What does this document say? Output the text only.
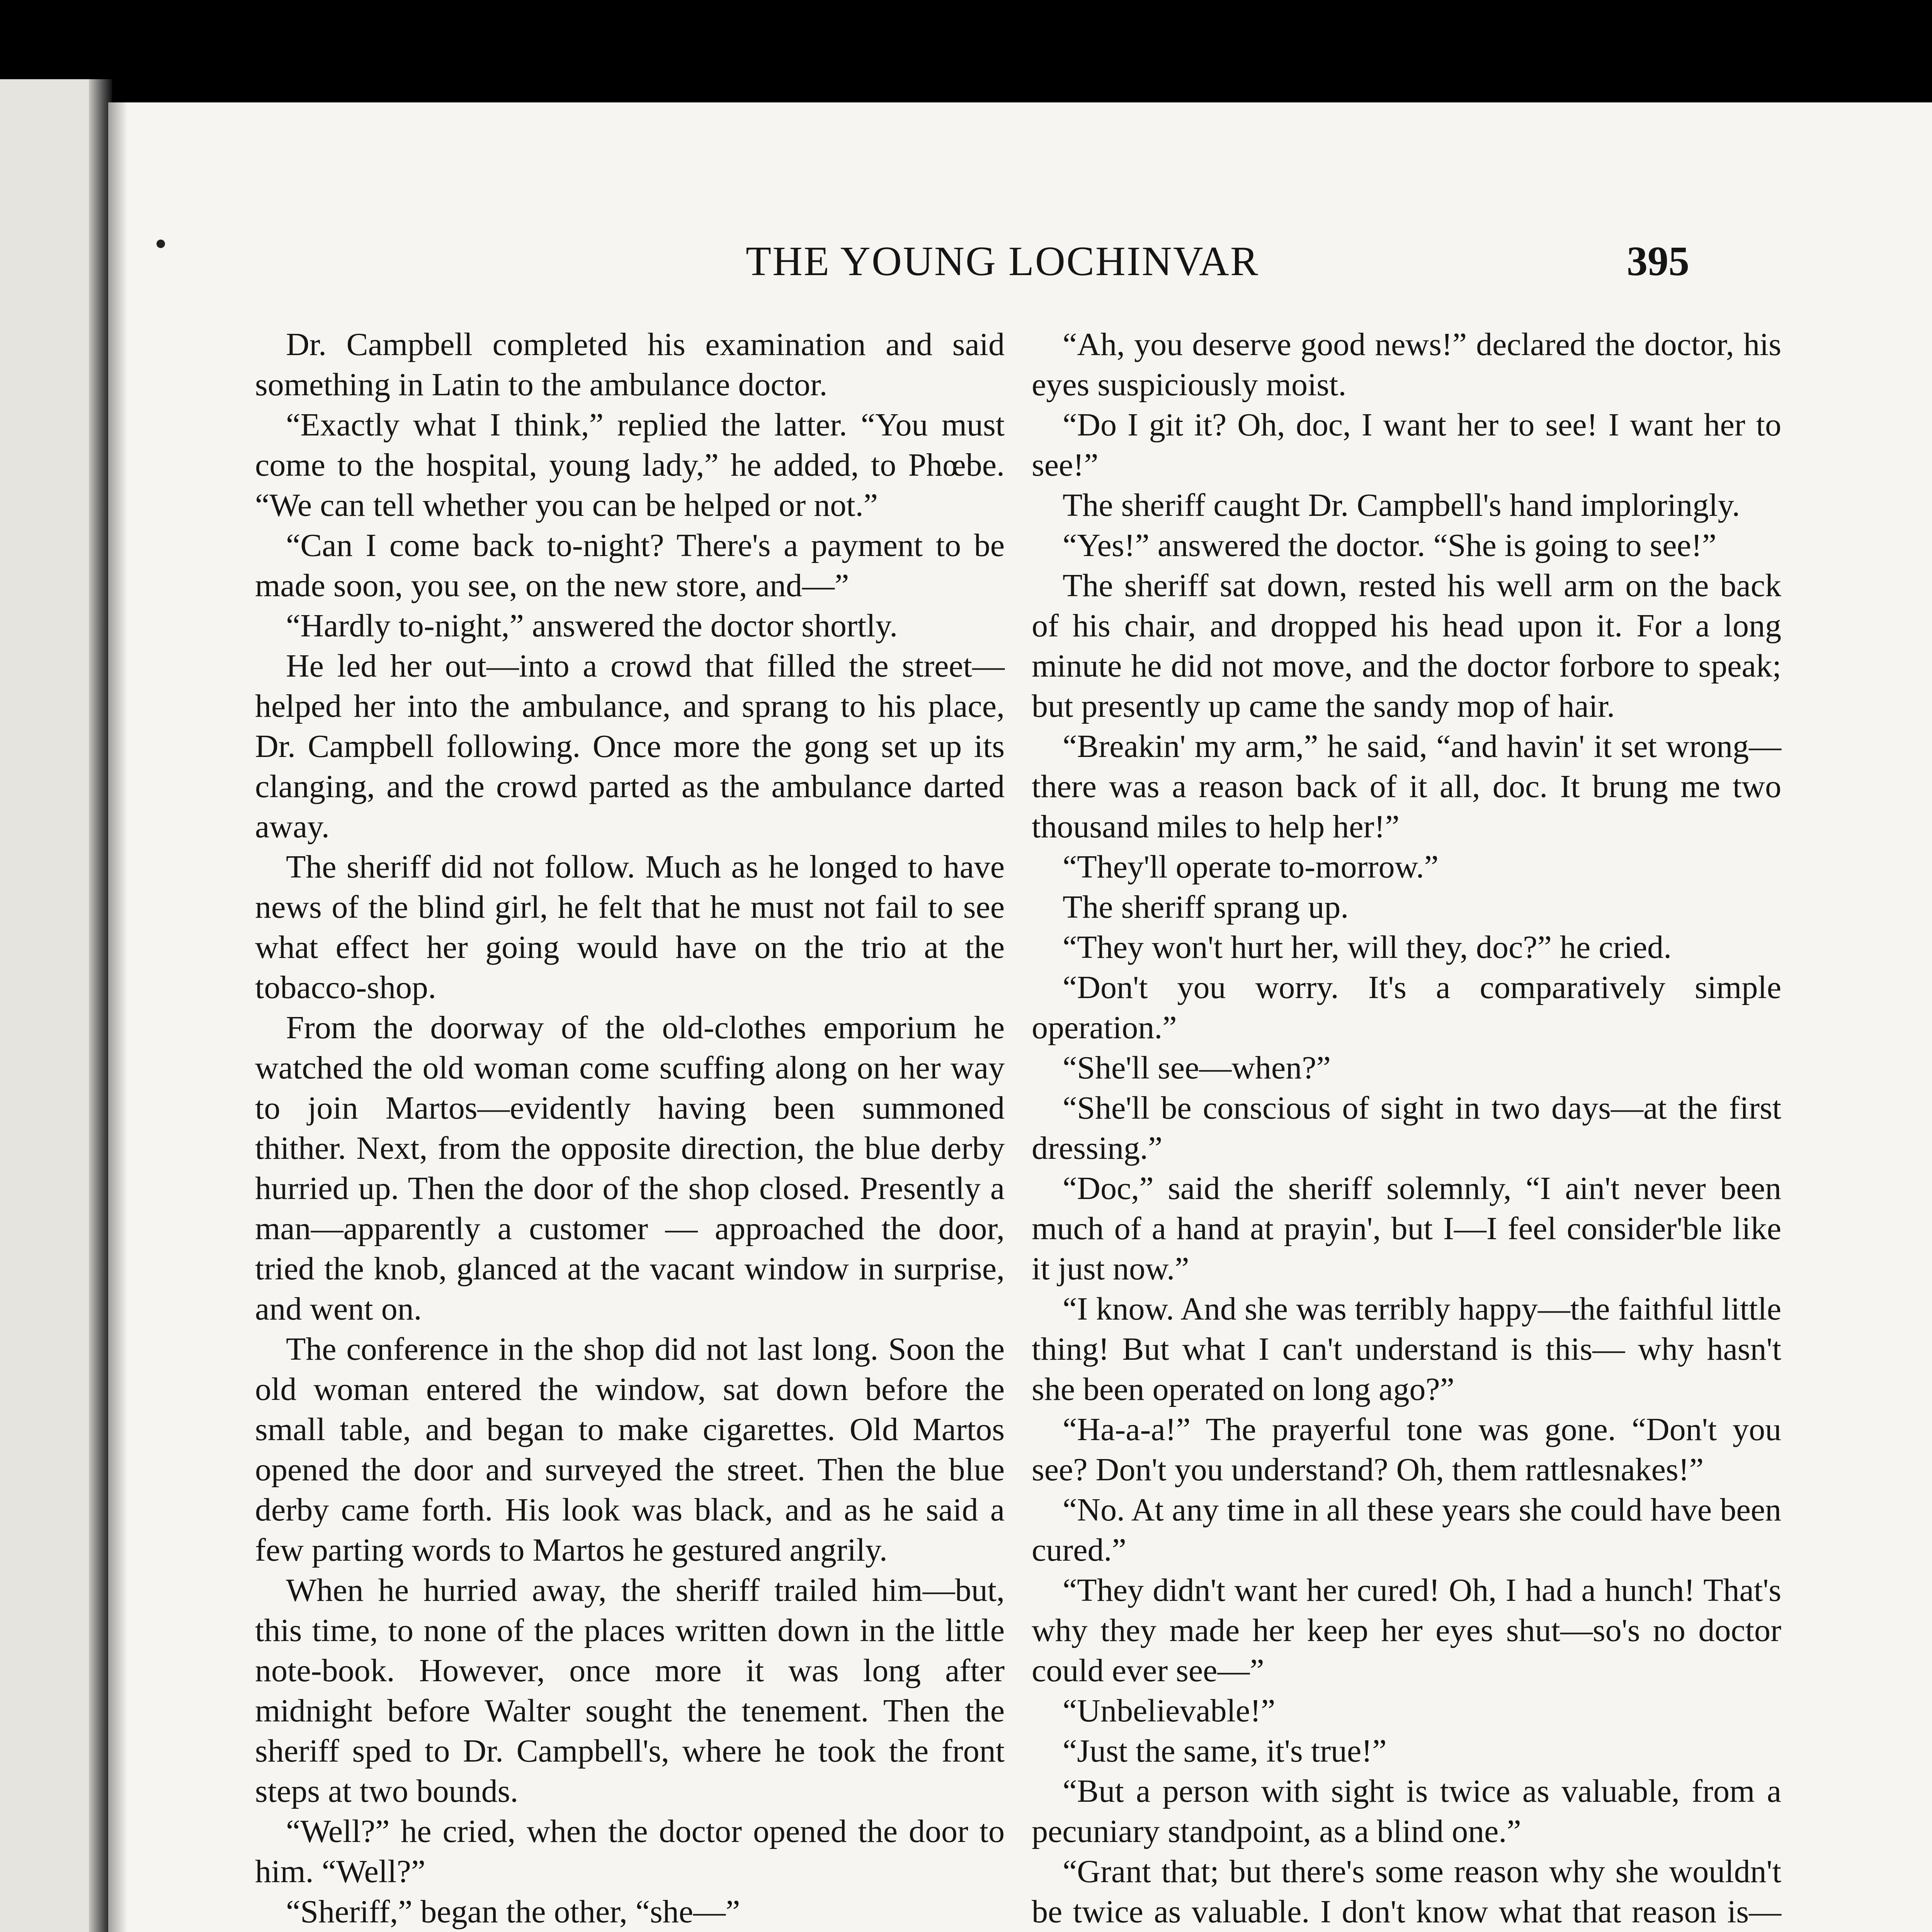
THE YOUNG LOCHINVAR	395

Dr. Campbell completed his examination and said something in Latin to the ambulance doctor.

“Exactly what I think,” replied the latter. “You must come to the hospital, young lady,” he added, to Phœbe. “We can tell whether you can be helped or not.”

“Can I come back to-night? There's a payment to be made soon, you see, on the new store, and—”

“Hardly to-night,” answered the doctor shortly.

He led her out—into a crowd that filled the street—helped her into the ambulance, and sprang to his place, Dr. Campbell following. Once more the gong set up its clanging, and the crowd parted as the ambulance darted away.

The sheriff did not follow. Much as he longed to have news of the blind girl, he felt that he must not fail to see what effect her going would have on the trio at the tobacco-shop.

From the doorway of the old-clothes emporium he watched the old woman come scuffing along on her way to join Martos—evidently having been summoned thither. Next, from the opposite direction, the blue derby hurried up. Then the door of the shop closed. Presently a man—apparently a customer — approached the door, tried the knob, glanced at the vacant window in surprise, and went on.

The conference in the shop did not last long. Soon the old woman entered the window, sat down before the small table, and began to make cigarettes. Old Martos opened the door and surveyed the street. Then the blue derby came forth. His look was black, and as he said a few parting words to Martos he gestured angrily.

When he hurried away, the sheriff trailed him—but, this time, to none of the places written down in the little note-book. However, once more it was long after midnight before Walter sought the tenement. Then the sheriff sped to Dr. Campbell's, where he took the front steps at two bounds.

“Well?” he cried, when the doctor opened the door to him. “Well?”

“Sheriff,” began the other, “she—”

“Ah, you deserve good news!” declared the doctor, his eyes suspiciously moist.

“Do I git it? Oh, doc, I want her to see! I want her to see!”

The sheriff caught Dr. Campbell's hand imploringly.

“Yes!” answered the doctor. “She is going to see!”

The sheriff sat down, rested his well arm on the back of his chair, and dropped his head upon it. For a long minute he did not move, and the doctor forbore to speak; but presently up came the sandy mop of hair.

“Breakin' my arm,” he said, “and havin' it set wrong—there was a reason back of it all, doc. It brung me two thousand miles to help her!”

“They'll operate to-morrow.”

The sheriff sprang up.

“They won't hurt her, will they, doc?” he cried.

“Don't you worry. It's a comparatively simple operation.”

“She'll see—when?”

“She'll be conscious of sight in two days—at the first dressing.”

“Doc,” said the sheriff solemnly, “I ain't never been much of a hand at prayin', but I—I feel consider'ble like it just now.”

“I know. And she was terribly happy—the faithful little thing! But what I can't understand is this— why hasn't she been operated on long ago?”

“Ha-a-a!” The prayerful tone was gone. “Don't you see? Don't you understand? Oh, them rattlesnakes!”

“No. At any time in all these years she could have been cured.”

“They didn't want her cured! Oh, I had a hunch! That's why they made her keep her eyes shut—so's no doctor could ever see—”

“Unbelievable!”

“Just the same, it's true!”

“But a person with sight is twice as valuable, from a pecuniary standpoint, as a blind one.”

“Grant that; but there's some reason why she wouldn't be twice as valuable. I don't know what that reason is—
